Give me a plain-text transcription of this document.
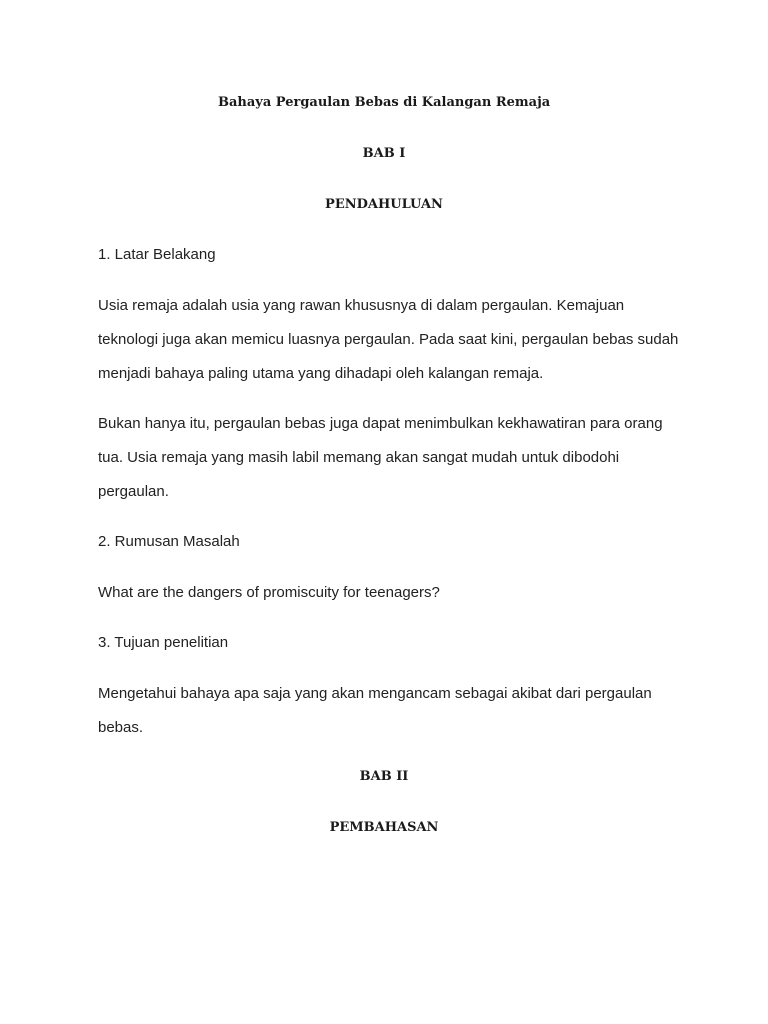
Bahaya Pergaulan Bebas di Kalangan Remaja
BAB I
PENDAHULUAN
1. Latar Belakang
Usia remaja adalah usia yang rawan khususnya di dalam pergaulan. Kemajuan
teknologi juga akan memicu luasnya pergaulan. Pada saat kini, pergaulan bebas sudah
menjadi bahaya paling utama yang dihadapi oleh kalangan remaja.
Bukan hanya itu, pergaulan bebas juga dapat menimbulkan kekhawatiran para orang
tua. Usia remaja yang masih labil memang akan sangat mudah untuk dibodohi
pergaulan.
2. Rumusan Masalah
What are the dangers of promiscuity for teenagers?
3. Tujuan penelitian
Mengetahui bahaya apa saja yang akan mengancam sebagai akibat dari pergaulan
bebas.
BAB II
PEMBAHASAN
